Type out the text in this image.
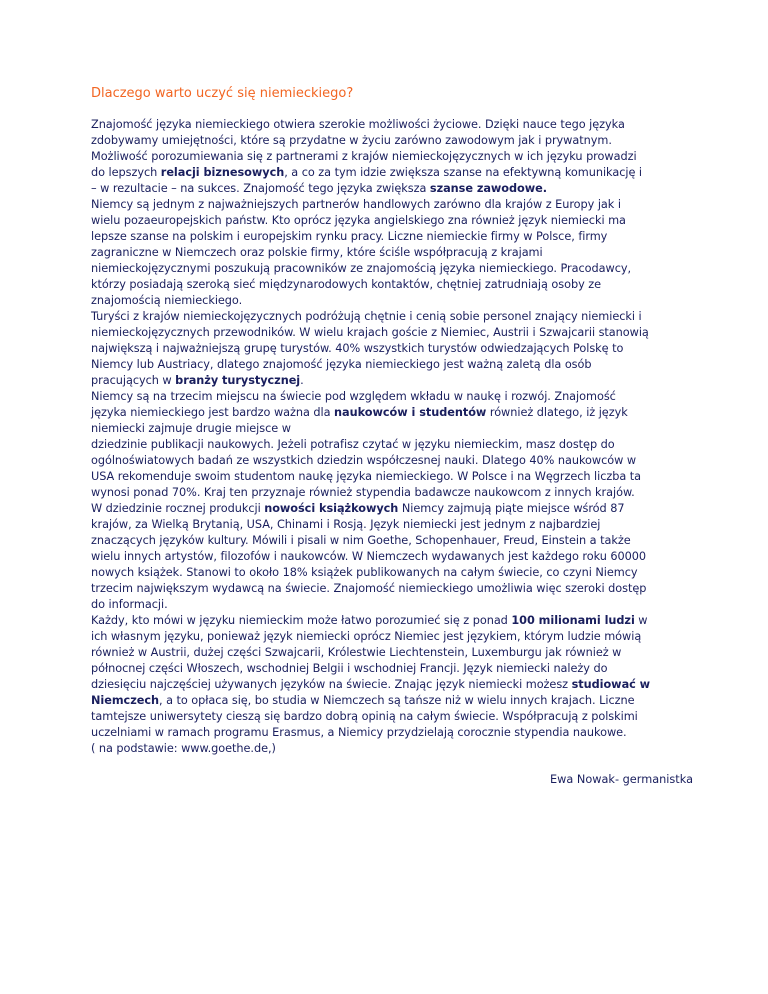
Dlaczego warto uczyć się niemieckiego?
Znajomość języka niemieckiego otwiera szerokie możliwości życiowe. Dzięki nauce tego języka
zdobywamy umiejętności, które są przydatne w życiu zarówno zawodowym jak i prywatnym.
Możliwość porozumiewania się z partnerami z krajów niemieckojęzycznych w ich języku prowadzi
do lepszych relacji biznesowych, a co za tym idzie zwiększa szanse na efektywną komunikację i
– w rezultacie – na sukces. Znajomość tego języka zwiększa szanse zawodowe.
Niemcy są jednym z najważniejszych partnerów handlowych zarówno dla krajów z Europy jak i
wielu pozaeuropejskich państw. Kto oprócz języka angielskiego zna również język niemiecki ma
lepsze szanse na polskim i europejskim rynku pracy. Liczne niemieckie firmy w Polsce, firmy
zagraniczne w Niemczech oraz polskie firmy, które ściśle współpracują z krajami
niemieckojęzycznymi poszukują pracowników ze znajomością języka niemieckiego. Pracodawcy,
którzy posiadają szeroką sieć międzynarodowych kontaktów, chętniej zatrudniają osoby ze
znajomością niemieckiego.
Turyści z krajów niemieckojęzycznych podróżują chętnie i cenią sobie personel znający niemiecki i
niemieckojęzycznych przewodników. W wielu krajach goście z Niemiec, Austrii i Szwajcarii stanowią
największą i najważniejszą grupę turystów. 40% wszystkich turystów odwiedzających Polskę to
Niemcy lub Austriacy, dlatego znajomość języka niemieckiego jest ważną zaletą dla osób
pracujących w branży turystycznej.
Niemcy są na trzecim miejscu na świecie pod względem wkładu w naukę i rozwój. Znajomość
języka niemieckiego jest bardzo ważna dla naukowców i studentów również dlatego, iż język
niemiecki zajmuje drugie miejsce w
dziedzinie publikacji naukowych. Jeżeli potrafisz czytać w języku niemieckim, masz dostęp do
ogólnoświatowych badań ze wszystkich dziedzin współczesnej nauki. Dlatego 40% naukowców w
USA rekomenduje swoim studentom naukę języka niemieckiego. W Polsce i na Węgrzech liczba ta
wynosi ponad 70%. Kraj ten przyznaje również stypendia badawcze naukowcom z innych krajów.
W dziedzinie rocznej produkcji nowości książkowych Niemcy zajmują piąte miejsce wśród 87
krajów, za Wielką Brytanią, USA, Chinami i Rosją. Język niemiecki jest jednym z najbardziej
znaczących języków kultury. Mówili i pisali w nim Goethe, Schopenhauer, Freud, Einstein a także
wielu innych artystów, filozofów i naukowców. W Niemczech wydawanych jest każdego roku 60000
nowych książek. Stanowi to około 18% książek publikowanych na całym świecie, co czyni Niemcy
trzecim największym wydawcą na świecie. Znajomość niemieckiego umożliwia więc szeroki dostęp
do informacji.
Każdy, kto mówi w języku niemieckim może łatwo porozumieć się z ponad 100 milionami ludzi w
ich własnym języku, ponieważ język niemiecki oprócz Niemiec jest językiem, którym ludzie mówią
również w Austrii, dużej części Szwajcarii, Królestwie Liechtenstein, Luxemburgu jak również w
północnej części Włoszech, wschodniej Belgii i wschodniej Francji. Język niemiecki należy do
dziesięciu najczęściej używanych języków na świecie. Znając język niemiecki możesz studiować w
Niemczech, a to opłaca się, bo studia w Niemczech są tańsze niż w wielu innych krajach. Liczne
tamtejsze uniwersytety cieszą się bardzo dobrą opinią na całym świecie. Współpracują z polskimi
uczelniami w ramach programu Erasmus, a Niemicy przydzielają corocznie stypendia naukowe.
( na podstawie: www.goethe.de,)
Ewa Nowak- germanistka
